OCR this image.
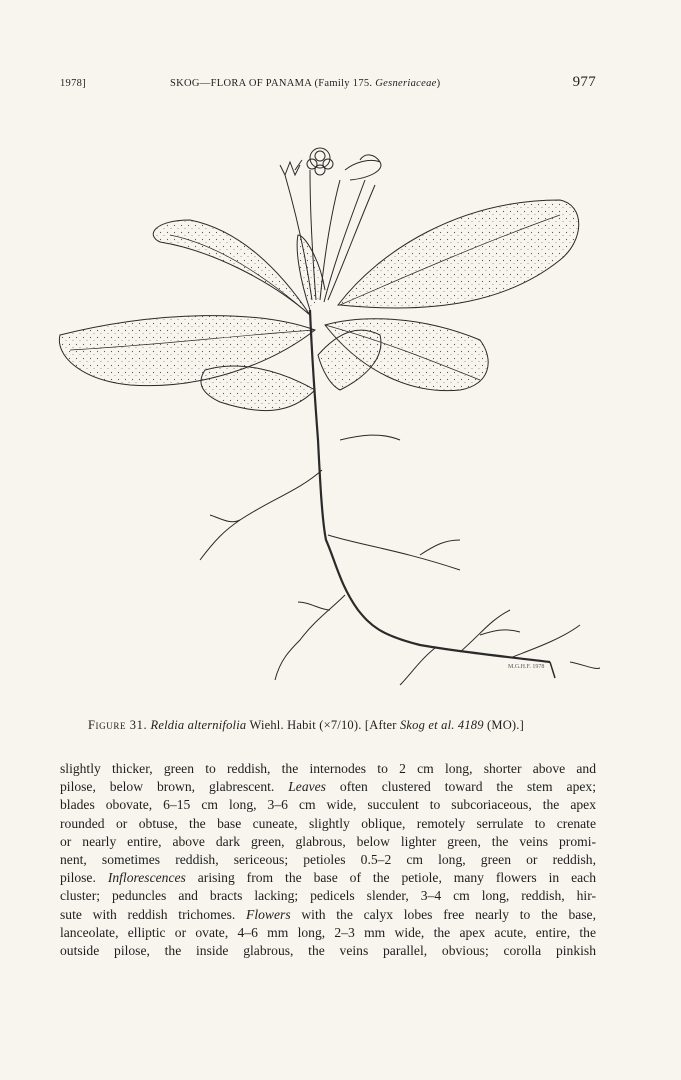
1978]	SKOG—FLORA OF PANAMA (Family 175. Gesneriaceae)	977
M.G.H.F. 1978
Figure 31. Reldia alternifolia Wiehl. Habit (×7/10). [After Skog et al. 4189 (MO).]
slightly thicker, green to reddish, the internodes to 2 cm long, shorter above and
pilose, below brown, glabrescent. Leaves often clustered toward the stem apex;
blades obovate, 6–15 cm long, 3–6 cm wide, succulent to subcoriaceous, the apex
rounded or obtuse, the base cuneate, slightly oblique, remotely serrulate to crenate
or nearly entire, above dark green, glabrous, below lighter green, the veins promi-
nent, sometimes reddish, sericeous; petioles 0.5–2 cm long, green or reddish,
pilose. Inflorescences arising from the base of the petiole, many flowers in each
cluster; peduncles and bracts lacking; pedicels slender, 3–4 cm long, reddish, hir-
sute with reddish trichomes. Flowers with the calyx lobes free nearly to the base,
lanceolate, elliptic or ovate, 4–6 mm long, 2–3 mm wide, the apex acute, entire, the
outside pilose, the inside glabrous, the veins parallel, obvious; corolla pinkish
